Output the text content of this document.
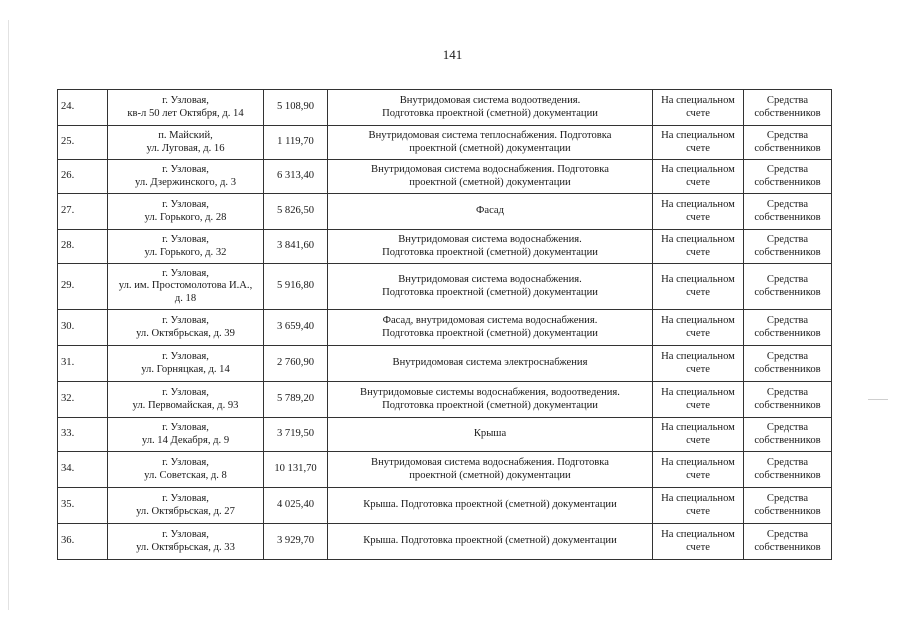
141
24.	г. Узловая,
кв-л 50 лет Октября, д. 14	5 108,90	Внутридомовая система водоотведения.
Подготовка проектной (сметной) документации	На специальном
счете	Средства
собственников

25.	п. Майский,
ул. Луговая, д. 16	1 119,70	Внутридомовая система теплоснабжения. Подготовка
проектной (сметной) документации	На специальном
счете	Средства
собственников

26.	г. Узловая,
ул. Дзержинского, д. 3	6 313,40	Внутридомовая система водоснабжения. Подготовка
проектной (сметной) документации	На специальном
счете	Средства
собственников

27.	г. Узловая,
ул. Горького, д. 28	5 826,50	Фасад	На специальном
счете	Средства
собственников

28.	г. Узловая,
ул. Горького, д. 32	3 841,60	Внутридомовая система водоснабжения.
Подготовка проектной (сметной) документации	На специальном
счете	Средства
собственников

29.	г. Узловая,
ул. им. Простомолотова И.А.,
д. 18	5 916,80	Внутридомовая система водоснабжения.
Подготовка проектной (сметной) документации	На специальном
счете	Средства
собственников

30.	г. Узловая,
ул. Октябрьская, д. 39	3 659,40	Фасад, внутридомовая система водоснабжения.
Подготовка проектной (сметной) документации	На специальном
счете	Средства
собственников

31.	г. Узловая,
ул. Горняцкая, д. 14	2 760,90	Внутридомовая система электроснабжения	На специальном
счете	Средства
собственников

32.	г. Узловая,
ул. Первомайская, д. 93	5 789,20	Внутридомовые системы водоснабжения, водоотведения.
Подготовка проектной (сметной) документации	На специальном
счете	Средства
собственников

33.	г. Узловая,
ул. 14 Декабря, д. 9	3 719,50	Крыша	На специальном
счете	Средства
собственников

34.	г. Узловая,
ул. Советская, д. 8	10 131,70	Внутридомовая система водоснабжения. Подготовка
проектной (сметной) документации	На специальном
счете	Средства
собственников

35.	г. Узловая,
ул. Октябрьская, д. 27	4 025,40	Крыша. Подготовка проектной (сметной) документации	На специальном
счете	Средства
собственников

36.	г. Узловая,
ул. Октябрьская, д. 33	3 929,70	Крыша. Подготовка проектной (сметной) документации	На специальном
счете	Средства
собственников
